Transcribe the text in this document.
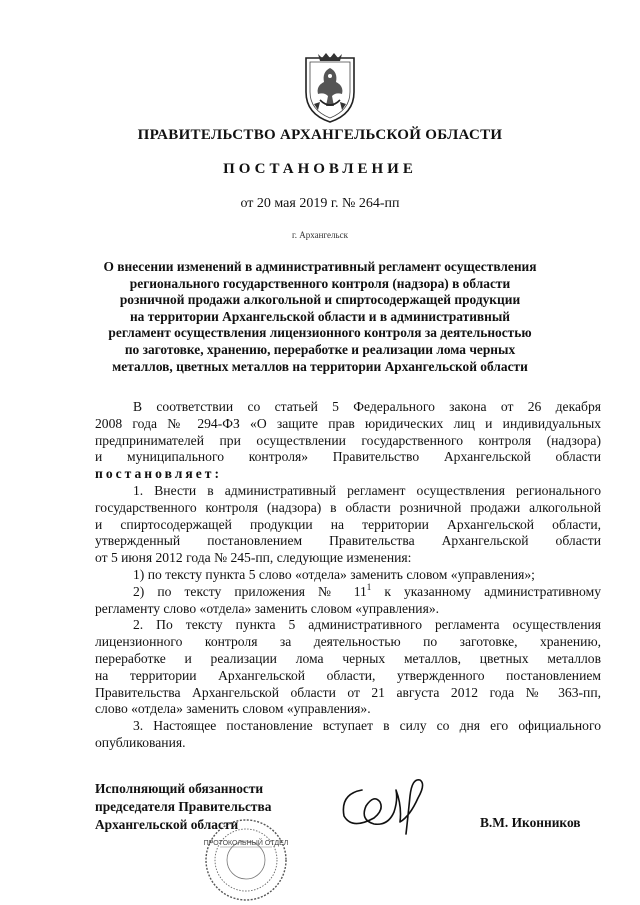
ПРАВИТЕЛЬСТВО АРХАНГЕЛЬСКОЙ ОБЛАСТИ
ПОСТАНОВЛЕНИЕ
от 20 мая 2019 г. № 264-пп
г. Архангельск
О внесении изменений в административный регламент осуществления
регионального государственного контроля (надзора) в области
розничной продажи алкогольной и спиртосодержащей продукции
на территории Архангельской области и в административный
регламент осуществления лицензионного контроля за деятельностью
по заготовке, хранению, переработке и реализации лома черных
металлов, цветных металлов на территории Архангельской области
В соответствии со статьей 5 Федерального закона от 26 декабря
2008 года № 294-ФЗ «О защите прав юридических лиц и индивидуальных
предпринимателей при осуществлении государственного контроля (надзора)
и муниципального контроля» Правительство Архангельской области
постановляет:
1. Внести в административный регламент осуществления регионального
государственного контроля (надзора) в области розничной продажи алкогольной
и спиртосодержащей продукции на территории Архангельской области,
утвержденный постановлением Правительства Архангельской области
от 5 июня 2012 года № 245-пп, следующие изменения:
1) по тексту пункта 5 слово «отдела» заменить словом «управления»;
2) по тексту приложения № $11^1$ к указанному административному
регламенту слово «отдела» заменить словом «управления».
2. По тексту пункта 5 административного регламента осуществления
лицензионного контроля за деятельностью по заготовке, хранению,
переработке и реализации лома черных металлов, цветных металлов
на территории Архангельской области, утвержденного постановлением
Правительства Архангельской области от 21 августа 2012 года № 363-пп,
слово «отдела» заменить словом «управления».
3. Настоящее постановление вступает в силу со дня его официального
опубликования.
ПРОТОКОЛЬНЫЙ ОТДЕЛ
Исполняющий обязанности
председателя Правительства
Архангельской области	В.М. Иконников
